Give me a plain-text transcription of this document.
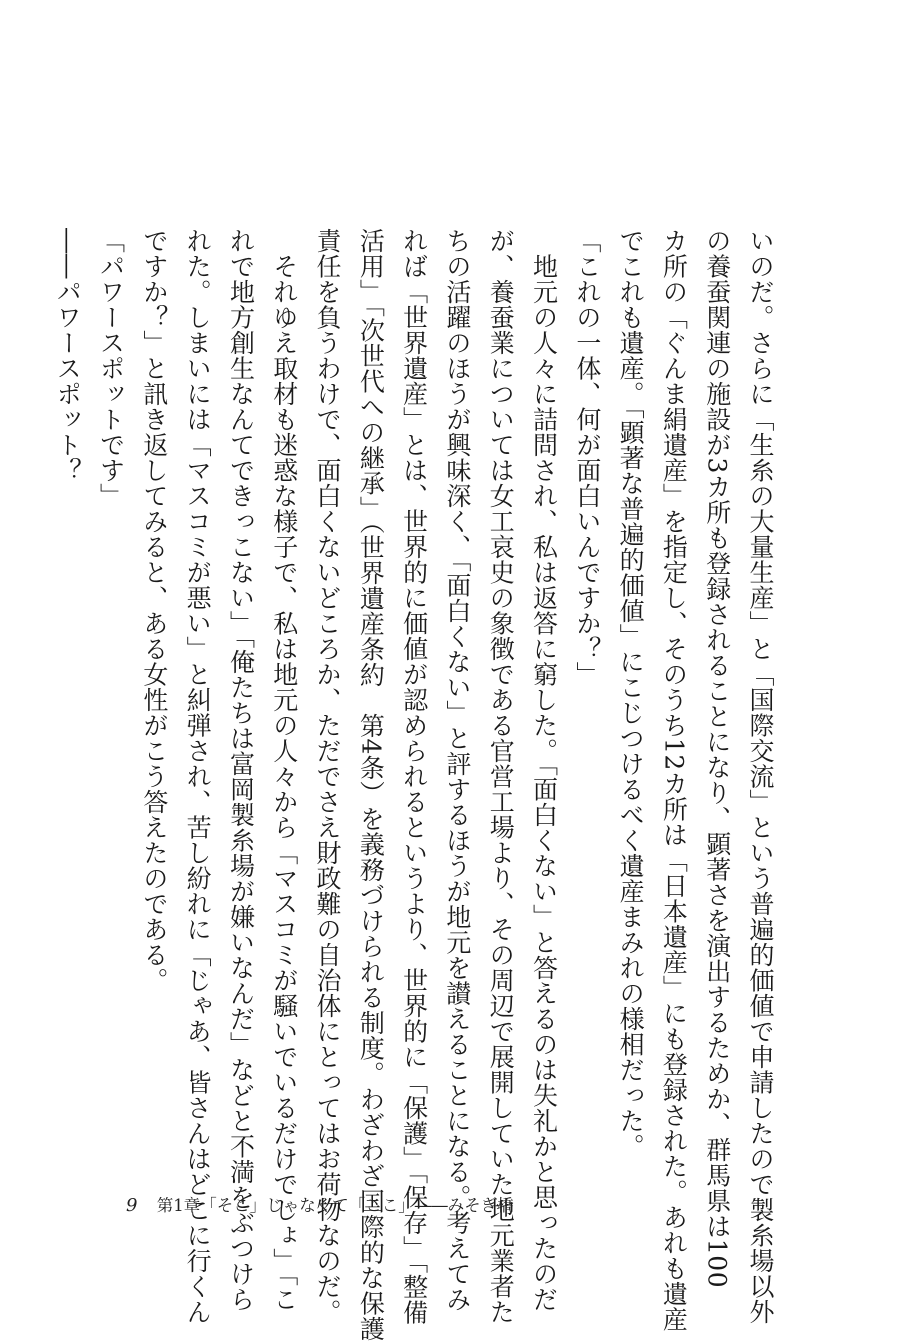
いのだ。さらに「生糸の大量生産」と「国際交流」という普遍的価値で申請したので製糸場以外
の養蚕関連の施設が3カ所も登録されることになり、顕著さを演出するためか、群馬県は100
カ所の「ぐんま絹遺産」を指定し、そのうち12カ所は「日本遺産」にも登録された。あれも遺産
でこれも遺産。「顕著な普遍的価値」にこじつけるべく遺産まみれの様相だった。
「これの一体、何が面白いんですか？」
　地元の人々に詰問され、私は返答に窮した。「面白くない」と答えるのは失礼かと思ったのだ
が、養蚕業については女工哀史の象徴である官営工場より、その周辺で展開していた地元業者た
ちの活躍のほうが興味深く、「面白くない」と評するほうが地元を讃えることになる。考えてみ
れば「世界遺産」とは、世界的に価値が認められるというより、世界的に「保護」「保存」「整備
活用」「次世代への継承」（世界遺産条約　第4条）を義務づけられる制度。わざわざ国際的な保護
責任を負うわけで、面白くないどころか、ただでさえ財政難の自治体にとってはお荷物なのだ。
　それゆえ取材も迷惑な様子で、私は地元の人々から「マスコミが騒いでいるだけでしょ」「こ
れで地方創生なんてできっこない」「俺たちは富岡製糸場が嫌いなんだ」などと不満をぶつけら
れた。しまいには「マスコミが悪い」と糾弾され、苦し紛れに「じゃあ、皆さんはどこに行くん
ですか？」と訊き返してみると、ある女性がこう答えたのである。
「パワースポットです」
――パワースポット？
9 第1章「そこ」じゃなくて「ここ」――みそぎ橋
